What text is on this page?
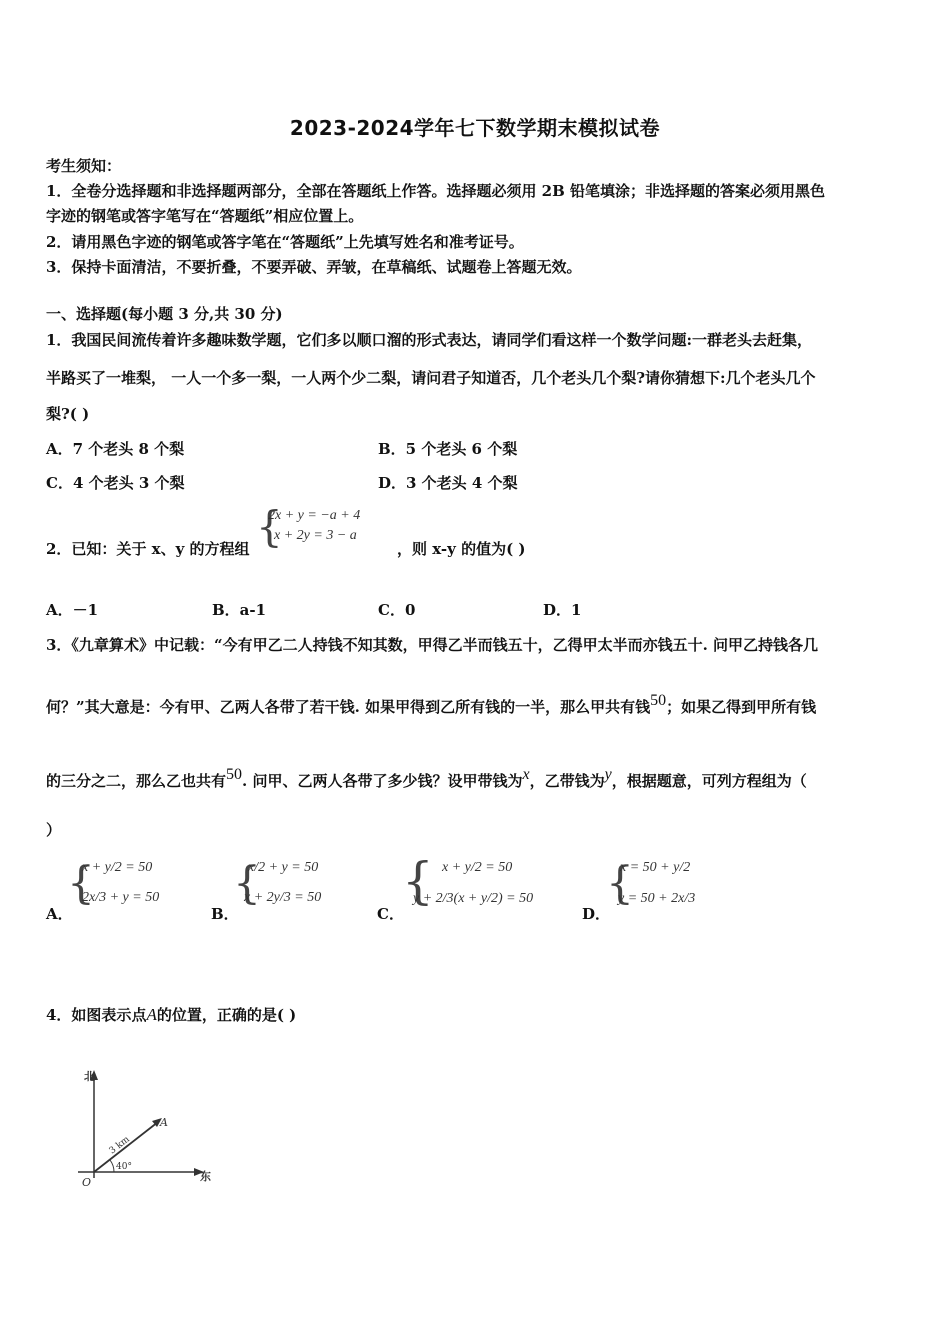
2023-2024学年七下数学期末模拟试卷
考生须知：
1．全卷分选择题和非选择题两部分，全部在答题纸上作答。选择题必须用 2B 铅笔填涂；非选择题的答案必须用黑色
字迹的钢笔或答字笔写在“答题纸”相应位置上。
2．请用黑色字迹的钢笔或答字笔在“答题纸”上先填写姓名和准考证号。
3．保持卡面清洁，不要折叠，不要弄破、弄皱，在草稿纸、试题卷上答题无效。
一、选择题(每小题 3 分,共 30 分)
1．我国民间流传着许多趣味数学题，它们多以顺口溜的形式表达，请同学们看这样一个数学问题:一群老头去赶集，
半路买了一堆梨， 一人一个多一梨，一人两个少二梨，请问君子知道否，几个老头几个梨?请你猜想下:几个老头几个
梨?( )
A．7 个老头 8 个梨	B．5 个老头 6 个梨
C．4 个老头 3 个梨	D．3 个老头 4 个梨
2．已知：关于 x、y 的方程组 {
2x + y = −a + 4
x + 2y = 3 − a
，则 x-y 的值为( )
A．－1	B．a-1	C．0	D．1
3．《九章算术》中记载：“今有甲乙二人持钱不知其数，甲得乙半而钱五十，乙得甲太半而亦钱五十. 问甲乙持钱各几
何？”其大意是：今有甲、乙两人各带了若干钱. 如果甲得到乙所有钱的一半，那么甲共有钱50；如果乙得到甲所有钱
的三分之二，那么乙也共有50. 问甲、乙两人各带了多少钱？设甲带钱为x，乙带钱为y，根据题意，可列方程组为（
）
A．
{
x + y/2 = 50
2x/3 + y = 50
B．
{
x/2 + y = 50
x + 2y/3 = 50
C．
{ x + y/2 = 50
y + 2/3(x + y/2) = 50
D．
{
x = 50 + y/2
y = 50 + 2x/3
4．如图表示点A的位置，正确的是( )
北
东
O
A
3 km
40°
